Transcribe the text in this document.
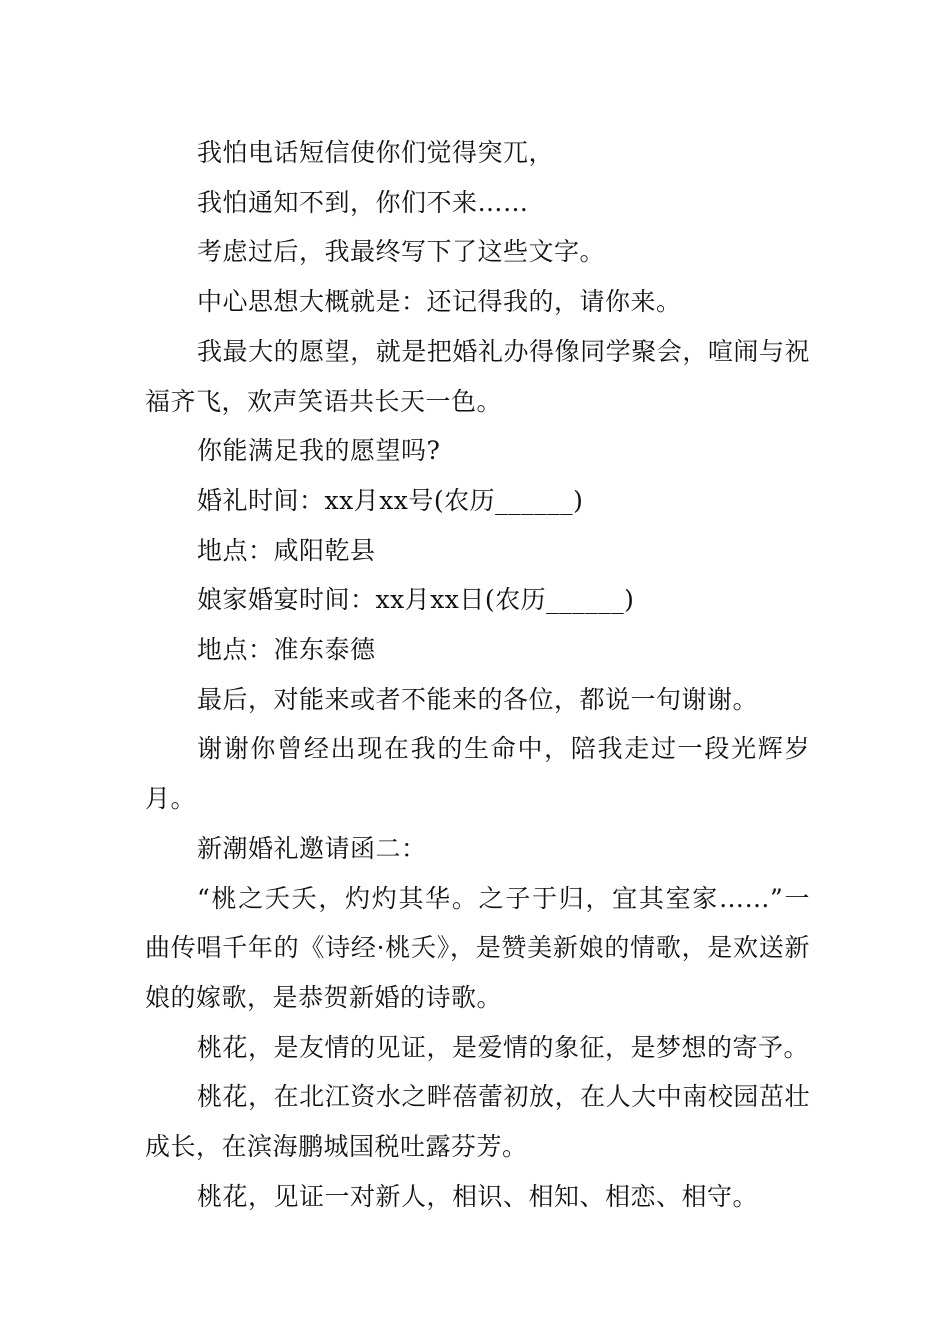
我怕电话短信使你们觉得突兀，

我怕通知不到，你们不来……

考虑过后，我最终写下了这些文字。

中心思想大概就是：还记得我的，请你来。

我最大的愿望，就是把婚礼办得像同学聚会，喧闹与祝福齐飞，欢声笑语共长天一色。

你能满足我的愿望吗?

婚礼时间：xx月xx号(农历______)

地点：咸阳乾县

娘家婚宴时间：xx月xx日(农历______)

地点：准东泰德

最后，对能来或者不能来的各位，都说一句谢谢。

谢谢你曾经出现在我的生命中，陪我走过一段光辉岁月。

新潮婚礼邀请函二：

“桃之夭夭，灼灼其华。之子于归，宜其室家……”一曲传唱千年的《诗经·桃夭》，是赞美新娘的情歌，是欢送新娘的嫁歌，是恭贺新婚的诗歌。

桃花，是友情的见证，是爱情的象征，是梦想的寄予。

桃花，在北江资水之畔蓓蕾初放，在人大中南校园茁壮成长，在滨海鹏城国税吐露芬芳。

桃花，见证一对新人，相识、相知、相恋、相守。
